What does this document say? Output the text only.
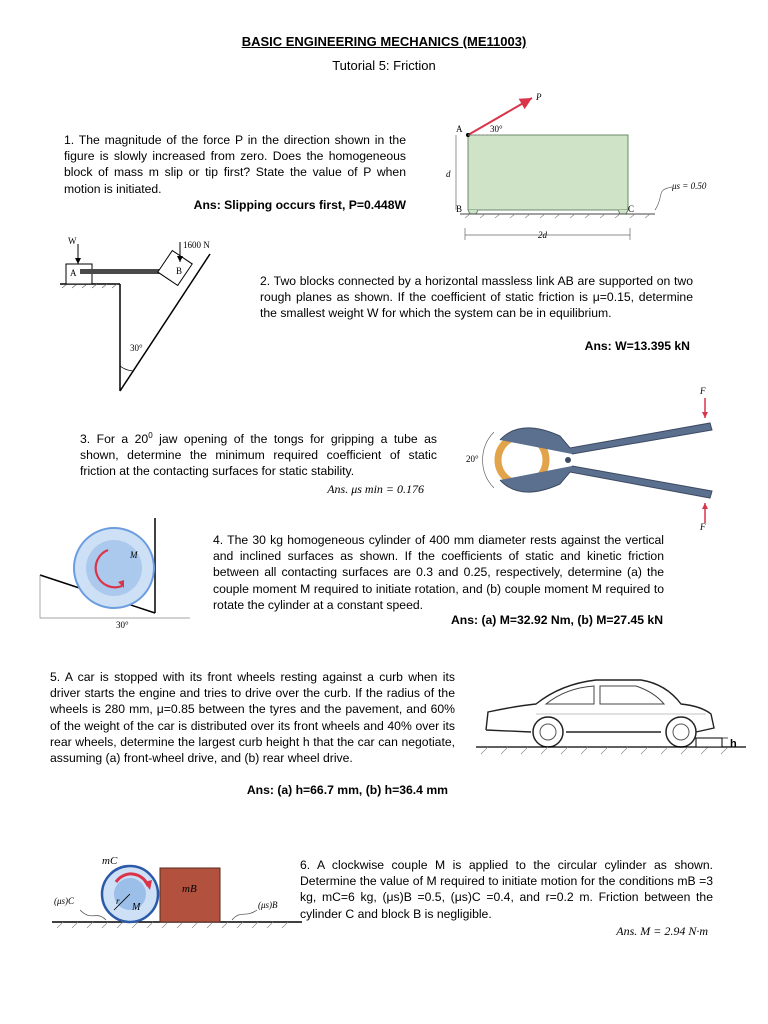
BASIC ENGINEERING MECHANICS (ME11003)
Tutorial 5: Friction
1. The magnitude of the force P in the direction shown in the figure is slowly increased from zero. Does the homogeneous block of mass m slip or tip first? State the value of P when motion is initiated.
Ans: Slipping occurs first, P=0.448W
P
A	30°
d
B	C
2d
μs = 0.50
W	1600 N
A	B
30°
2. Two blocks connected by a horizontal massless link AB are supported on two rough planes as shown. If the coefficient of static friction is μ=0.15, determine the smallest weight W for which the system can be in equilibrium.
Ans: W=13.395 kN
3. For a $20^0$ jaw opening of the tongs for gripping a tube as shown, determine the minimum required coefficient of static friction at the contacting surfaces for static stability.
Ans. μs min = 0.176
20°
F
F
M
30°
4. The 30 kg homogeneous cylinder of 400 mm diameter rests against the vertical and inclined surfaces as shown. If the coefficients of static and kinetic friction between all contacting surfaces are 0.3 and 0.25, respectively, determine (a) the couple moment M required to initiate rotation, and (b) couple moment M required to rotate the cylinder at a constant speed.
Ans: (a) M=32.92 Nm, (b) M=27.45 kN
5. A car is stopped with its front wheels resting against a curb when its driver starts the engine and tries to drive over the curb. If the radius of the wheels is 280 mm, μ=0.85 between the tyres and the pavement, and 60% of the weight of the car is distributed over its front wheels and 40% over its rear wheels, determine the largest curb height h that the car can negotiate, assuming (a) front-wheel drive, and (b) rear wheel drive.
Ans: (a) h=66.7 mm, (b) h=36.4 mm
h
mC
mB
M
r
(μs)C	(μs)B
6. A clockwise couple M is applied to the circular cylinder as shown. Determine the value of M required to initiate motion for the conditions mB =3 kg, mC=6 kg, (μs)B =0.5, (μs)C =0.4, and r=0.2 m. Friction between the cylinder C and block B is negligible.
Ans. M = 2.94 N·m
